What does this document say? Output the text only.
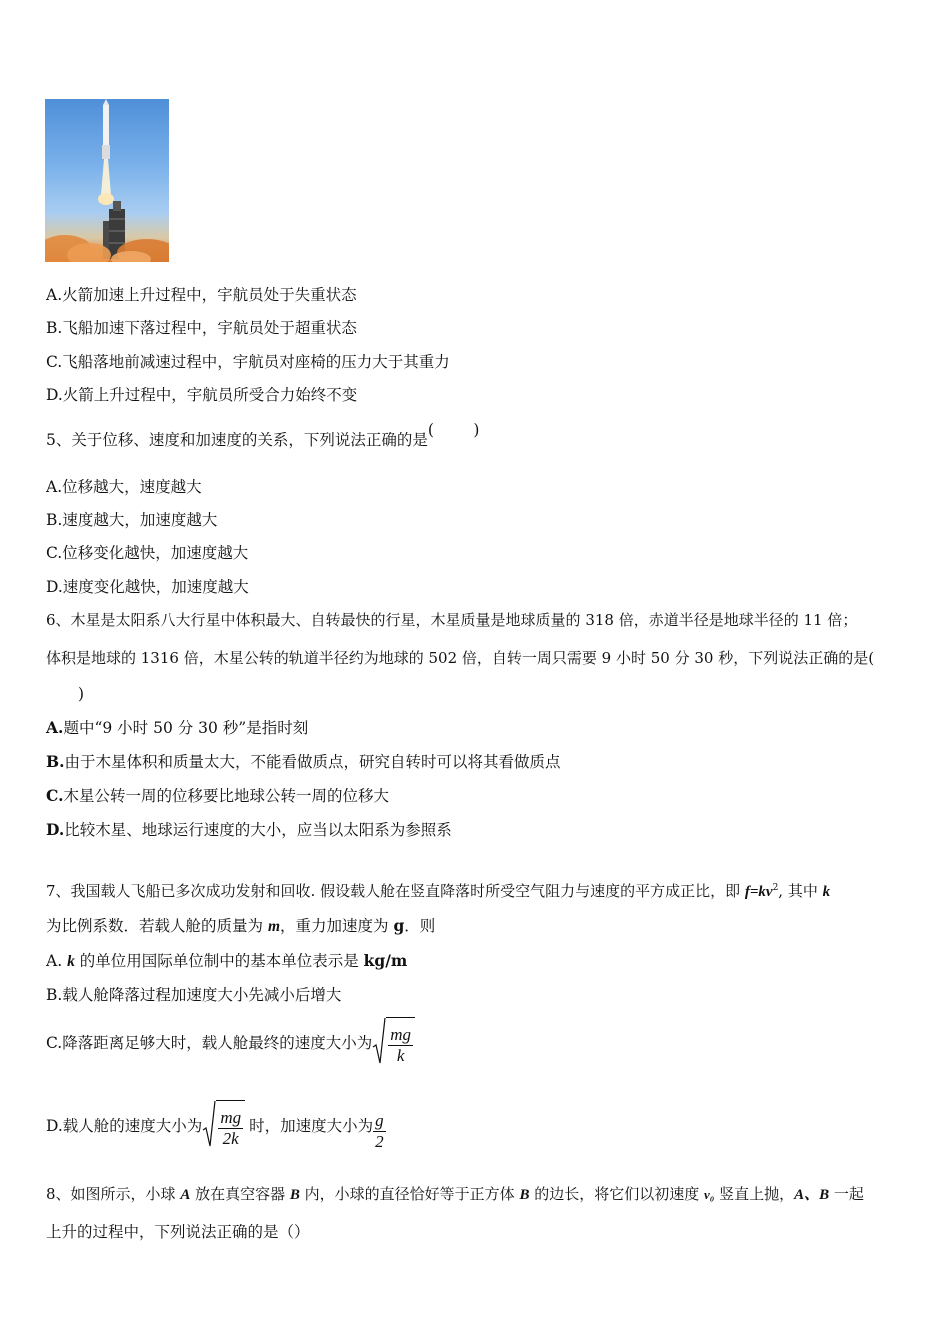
A.火箭加速上升过程中，宇航员处于失重状态
B.飞船加速下落过程中，宇航员处于超重状态
C.飞船落地前减速过程中，宇航员对座椅的压力大于其重力
D.火箭上升过程中，宇航员所受合力始终不变
5、关于位移、速度和加速度的关系，下列说法正确的是(        )
A.位移越大，速度越大
B.速度越大，加速度越大
C.位移变化越快，加速度越大
D.速度变化越快，加速度越大
6、木星是太阳系八大行星中体积最大、自转最快的行星，木星质量是地球质量的 318 倍，赤道半径是地球半径的 11 倍；
体积是地球的 1316 倍，木星公转的轨道半径约为地球的 502 倍，自转一周只需要 9 小时 50 分 30 秒，下列说法正确的是(
)
A.题中“9 小时 50 分 30 秒”是指时刻
B.由于木星体积和质量太大，不能看做质点，研究自转时可以将其看做质点
C.木星公转一周的位移要比地球公转一周的位移大
D.比较木星、地球运行速度的大小，应当以太阳系为参照系
7、我国载人飞船已多次成功发射和回收. 假设载人舱在竖直降落时所受空气阻力与速度的平方成正比，即 $f=kv^2$, 其中 k
为比例系数．若载人舱的质量为 m，重力加速度为 g．则
A. k 的单位用国际单位制中的基本单位表示是 kg/m
B.载人舱降落过程加速度大小先减小后增大
C.降落距离足够大时，载人舱最终的速度大小为 $\frac{mg}{k}$
D.载人舱的速度大小为 $\frac{mg}{2k}$ 时，加速度大小为 $\frac{g}{2}$
8、如图所示，小球 A 放在真空容器 B 内，小球的直径恰好等于正方体 B 的边长，将它们以初速度 v₀ 竖直上抛，A、B 一起
上升的过程中，下列说法正确的是（）
